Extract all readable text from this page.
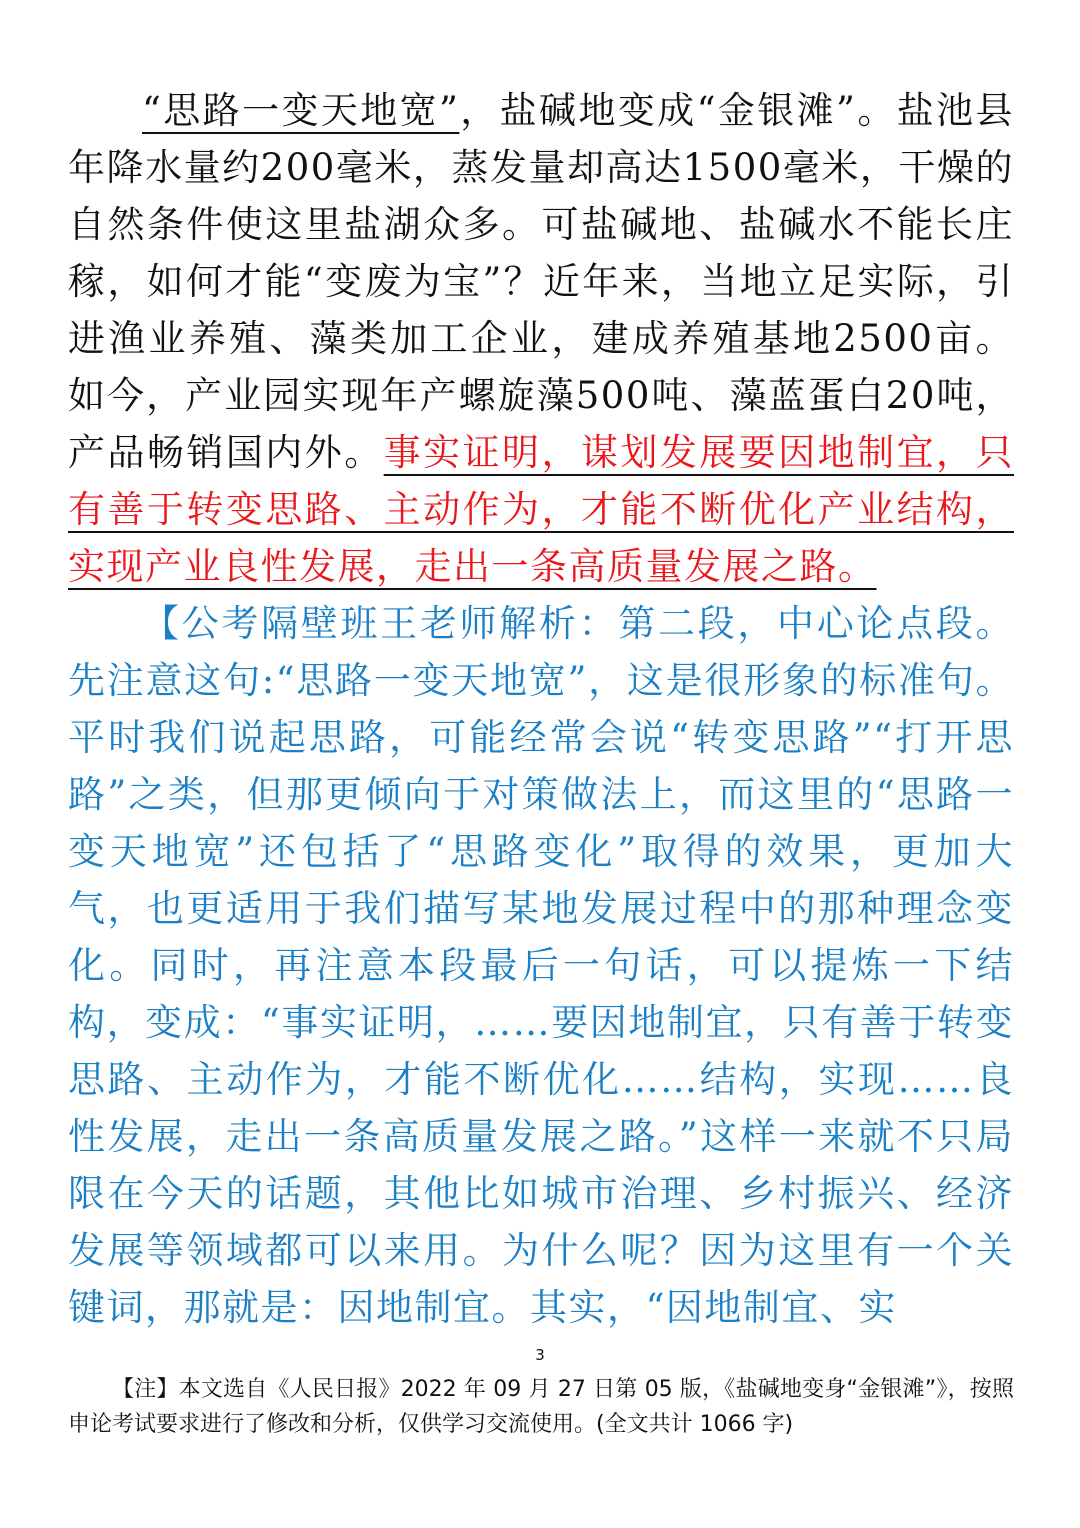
“思路一变天地宽”，盐碱地变成“金银滩”。盐池县年降水量约200毫米，蒸发量却高达1500毫米，干燥的自然条件使这里盐湖众多。可盐碱地、盐碱水不能长庄稼，如何才能“变废为宝”？近年来，当地立足实际，引进渔业养殖、藻类加工企业，建成养殖基地2500亩。如今，产业园实现年产螺旋藻500吨、藻蓝蛋白20吨，产品畅销国内外。事实证明，谋划发展要因地制宜，只有善于转变思路、主动作为，才能不断优化产业结构，实现产业良性发展，走出一条高质量发展之路。

【公考隔壁班王老师解析：第二段，中心论点段。先注意这句:“思路一变天地宽”，这是很形象的标准句。平时我们说起思路，可能经常会说“转变思路”“打开思路”之类，但那更倾向于对策做法上，而这里的“思路一变天地宽”还包括了“思路变化”取得的效果，更加大气，也更适用于我们描写某地发展过程中的那种理念变化。同时，再注意本段最后一句话，可以提炼一下结构，变成：“事实证明，……要因地制宜，只有善于转变思路、主动作为，才能不断优化……结构，实现……良性发展，走出一条高质量发展之路。”这样一来就不只局限在今天的话题，其他比如城市治理、乡村振兴、经济发展等领域都可以来用。为什么呢？因为这里有一个关键词，那就是：因地制宜。其实，“因地制宜、实

3
【注】本文选自《人民日报》2022 年 09 月 27 日第 05 版，《盐碱地变身“金银滩”》，按照申论考试要求进行了修改和分析，仅供学习交流使用。(全文共计 1066 字)
